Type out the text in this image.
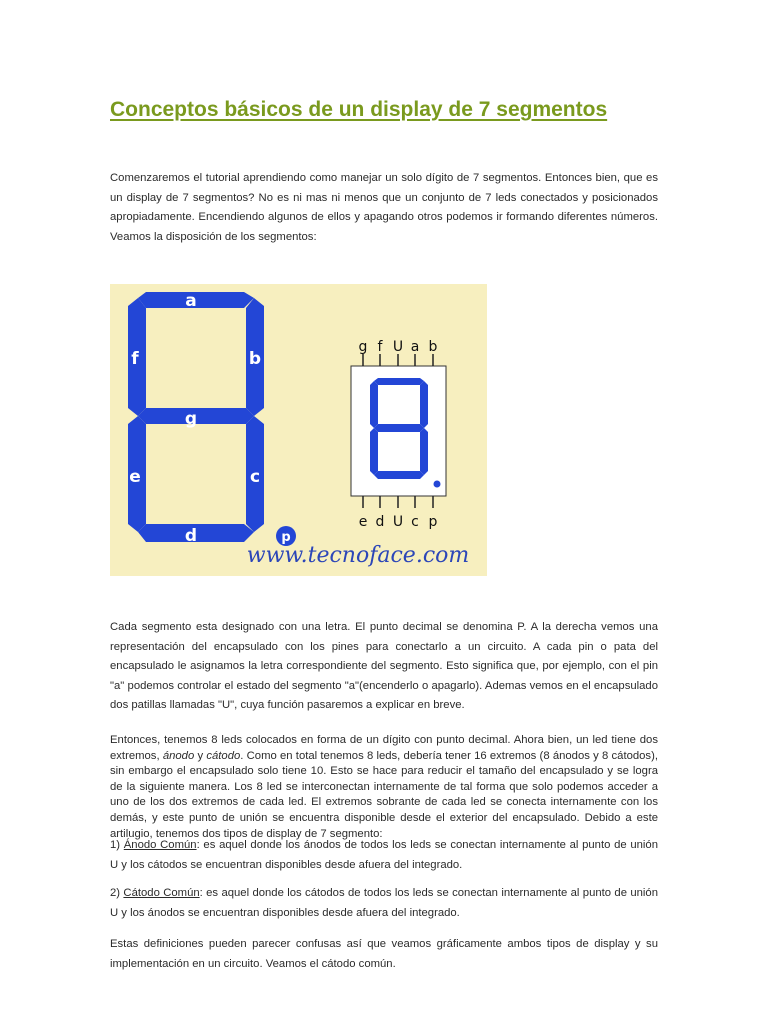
Conceptos básicos de un display de 7 segmentos

Comenzaremos el tutorial aprendiendo como manejar un solo dígito de 7 segmentos. Entonces bien, que es un display de 7 segmentos? No es ni mas ni menos que un conjunto de 7 leds conectados y posicionados apropiadamente. Encendiendo algunos de ellos y apagando otros podemos ir formando diferentes números. Veamos la disposición de los segmentos:

a
f	b
g
e	c
d	p
g f U a b
e d U c p
www.tecnoface.com

Cada segmento esta designado con una letra. El punto decimal se denomina P. A la derecha vemos una representación del encapsulado con los pines para conectarlo a un circuito. A cada pin o pata del encapsulado le asignamos la letra correspondiente del segmento. Esto significa que, por ejemplo, con el pin "a" podemos controlar el estado del segmento "a"(encenderlo o apagarlo). Ademas vemos en el encapsulado dos patillas llamadas "U", cuya función pasaremos a explicar en breve.

Entonces, tenemos 8 leds colocados en forma de un dígito con punto decimal. Ahora bien, un led tiene dos extremos, ánodo y cátodo. Como en total tenemos 8 leds, debería tener 16 extremos (8 ánodos y 8 cátodos), sin embargo el encapsulado solo tiene 10. Esto se hace para reducir el tamaño del encapsulado y se logra de la siguiente manera. Los 8 led se interconectan internamente de tal forma que solo podemos acceder a uno de los dos extremos de cada led. El extremos sobrante de cada led se conecta internamente con los demás, y este punto de unión se encuentra disponible desde el exterior del encapsulado. Debido a este artilugio, tenemos dos tipos de display de 7 segmento:

1) Ánodo Común: es aquel donde los ánodos de todos los leds se conectan internamente al punto de unión U y los cátodos se encuentran disponibles desde afuera del integrado.

2) Cátodo Común: es aquel donde los cátodos de todos los leds se conectan internamente al punto de unión U y los ánodos se encuentran disponibles desde afuera del integrado.

Estas definiciones pueden parecer confusas así que veamos gráficamente ambos tipos de display y su implementación en un circuito. Veamos el cátodo común.
